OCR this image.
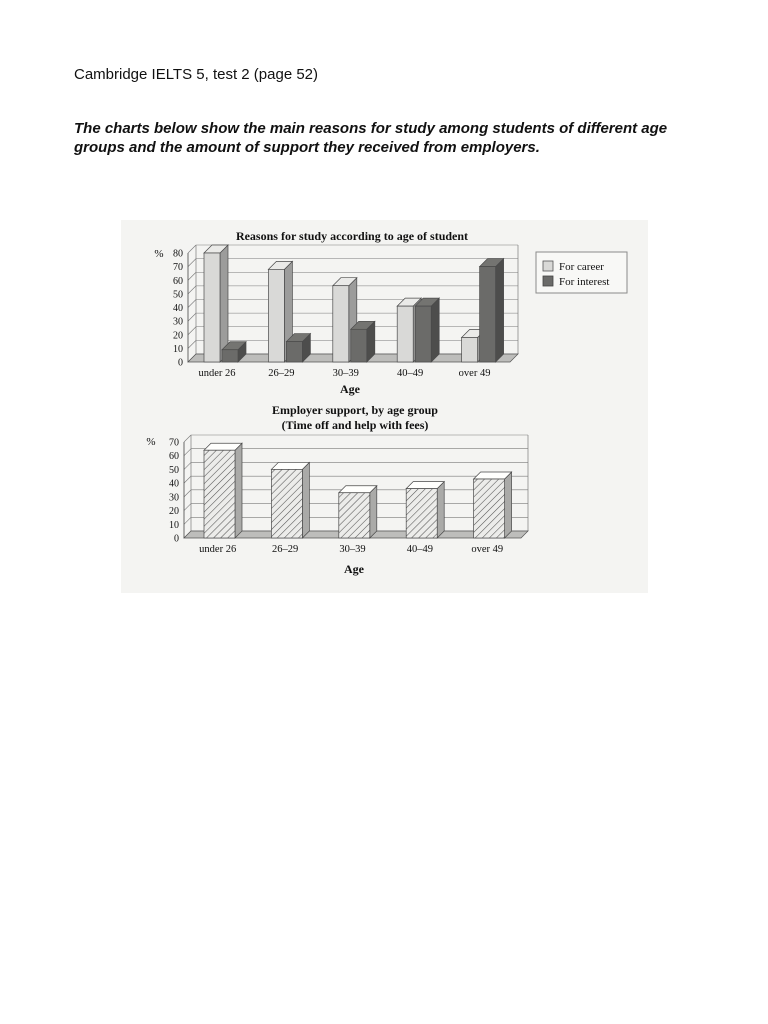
Cambridge IELTS 5, test 2 (page 52)

The charts below show the main reasons for study among students of different age groups and the amount of support they received from employers.

Reasons for study according to age of student
%
0
10
20
30
40
50
60
70
80
under 26	26–29	30–39	40–49	over 49
Age
For career
For interest
Employer support, by age group
(Time off and help with fees)
%
0
10
20
30
40
50
60
70
under 26	26–29	30–39	40–49	over 49
Age
